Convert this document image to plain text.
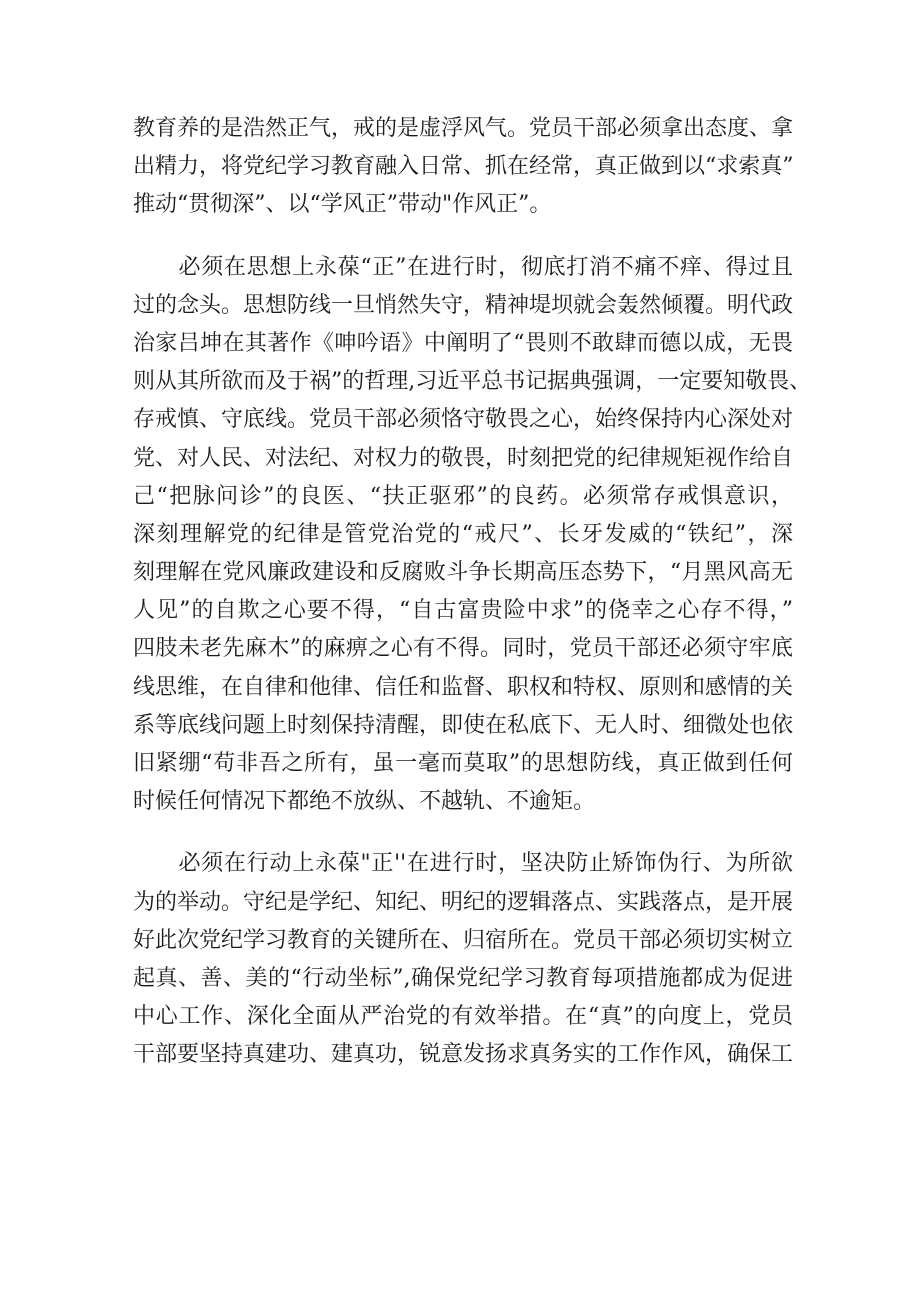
教育养的是浩然正气，戒的是虚浮风气。党员干部必须拿出态度、拿
出精力，将党纪学习教育融入日常、抓在经常，真正做到以“求索真”
推动“贯彻深”、以“学风正”带动"作风正”。

　　必须在思想上永葆“正”在进行时，彻底打消不痛不痒、得过且
过的念头。思想防线一旦悄然失守，精神堤坝就会轰然倾覆。明代政
治家吕坤在其著作《呻吟语》中阐明了“畏则不敢肆而德以成，无畏
则从其所欲而及于祸”的哲理,习近平总书记据典强调，一定要知敬畏、
存戒慎、守底线。党员干部必须恪守敬畏之心，始终保持内心深处对
党、对人民、对法纪、对权力的敬畏，时刻把党的纪律规矩视作给自
己“把脉问诊”的良医、“扶正驱邪”的良药。必须常存戒惧意识，
深刻理解党的纪律是管党治党的“戒尺”、长牙发威的“铁纪”，深
刻理解在党风廉政建设和反腐败斗争长期高压态势下，“月黑风高无
人见”的自欺之心要不得，“自古富贵险中求”的侥幸之心存不得，”
四肢未老先麻木”的麻痹之心有不得。同时，党员干部还必须守牢底
线思维，在自律和他律、信任和监督、职权和特权、原则和感情的关
系等底线问题上时刻保持清醒，即使在私底下、无人时、细微处也依
旧紧绷“苟非吾之所有，虽一毫而莫取”的思想防线，真正做到任何
时候任何情况下都绝不放纵、不越轨、不逾矩。

　　必须在行动上永葆"正''在进行时，坚决防止矫饰伪行、为所欲
为的举动。守纪是学纪、知纪、明纪的逻辑落点、实践落点，是开展
好此次党纪学习教育的关键所在、归宿所在。党员干部必须切实树立
起真、善、美的“行动坐标”,确保党纪学习教育每项措施都成为促进
中心工作、深化全面从严治党的有效举措。在“真”的向度上，党员
干部要坚持真建功、建真功，锐意发扬求真务实的工作作风，确保工
